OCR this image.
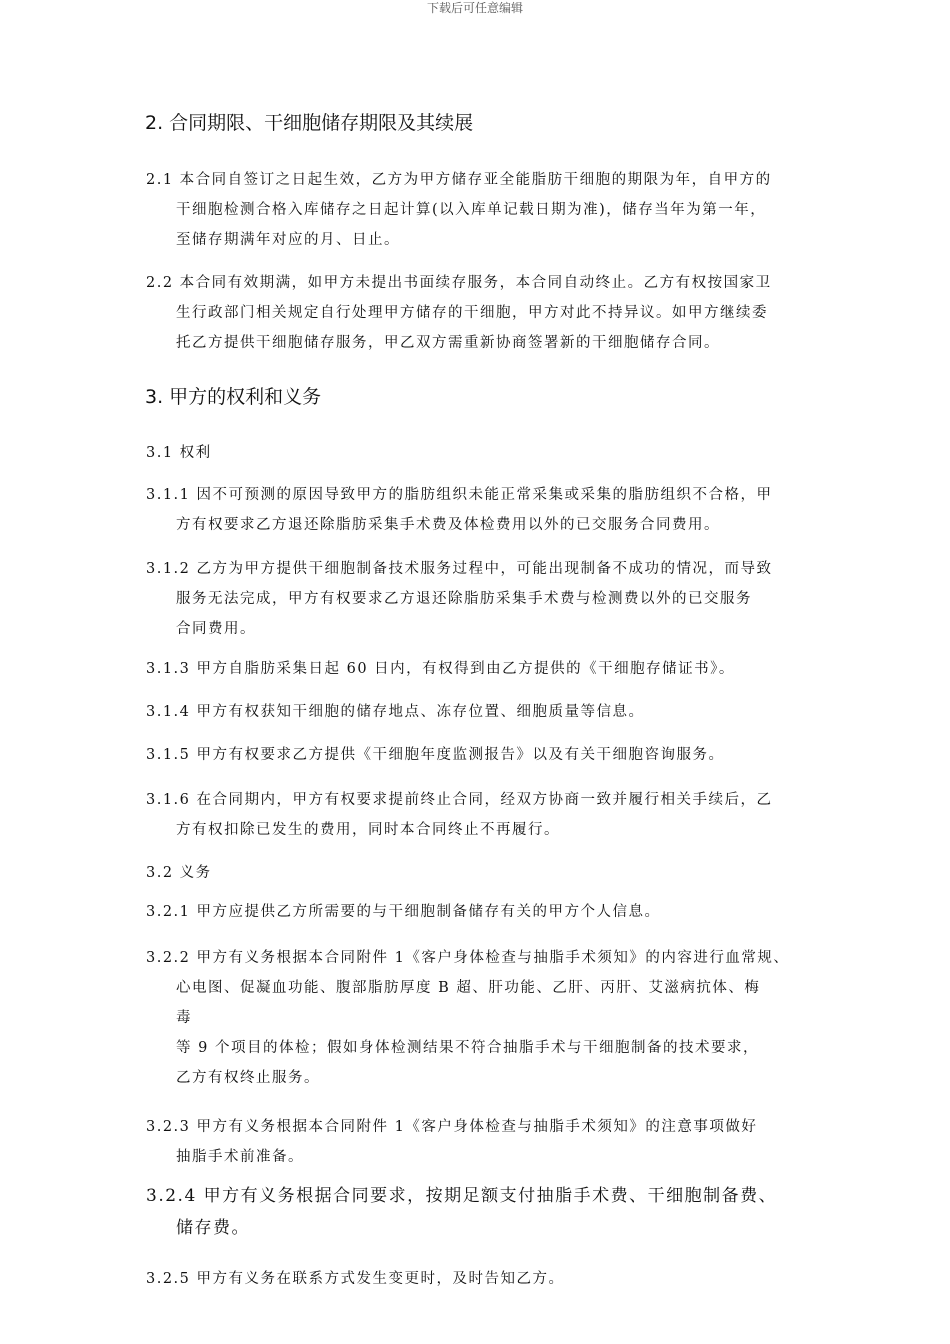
下载后可任意编辑
2. 合同期限、干细胞储存期限及其续展
2.1 本合同自签订之日起生效，乙方为甲方储存亚全能脂肪干细胞的期限为年，自甲方的
干细胞检测合格入库储存之日起计算(以入库单记载日期为准)，储存当年为第一年，
至储存期满年对应的月、日止。
2.2 本合同有效期满，如甲方未提出书面续存服务，本合同自动终止。乙方有权按国家卫
生行政部门相关规定自行处理甲方储存的干细胞，甲方对此不持异议。如甲方继续委
托乙方提供干细胞储存服务，甲乙双方需重新协商签署新的干细胞储存合同。
3. 甲方的权利和义务
3.1 权利
3.1.1 因不可预测的原因导致甲方的脂肪组织未能正常采集或采集的脂肪组织不合格，甲
方有权要求乙方退还除脂肪采集手术费及体检费用以外的已交服务合同费用。
3.1.2 乙方为甲方提供干细胞制备技术服务过程中，可能出现制备不成功的情况，而导致
服务无法完成，甲方有权要求乙方退还除脂肪采集手术费与检测费以外的已交服务
合同费用。
3.1.3 甲方自脂肪采集日起 60 日内，有权得到由乙方提供的《干细胞存储证书》。
3.1.4 甲方有权获知干细胞的储存地点、冻存位置、细胞质量等信息。
3.1.5 甲方有权要求乙方提供《干细胞年度监测报告》以及有关干细胞咨询服务。
3.1.6 在合同期内，甲方有权要求提前终止合同，经双方协商一致并履行相关手续后，乙
方有权扣除已发生的费用，同时本合同终止不再履行。
3.2 义务
3.2.1 甲方应提供乙方所需要的与干细胞制备储存有关的甲方个人信息。
3.2.2 甲方有义务根据本合同附件 1《客户身体检查与抽脂手术须知》的内容进行血常规、
心电图、促凝血功能、腹部脂肪厚度 B 超、肝功能、乙肝、丙肝、艾滋病抗体、梅
毒
等 9 个项目的体检；假如身体检测结果不符合抽脂手术与干细胞制备的技术要求，
乙方有权终止服务。
3.2.3 甲方有义务根据本合同附件 1《客户身体检查与抽脂手术须知》的注意事项做好
抽脂手术前准备。
3.2.4 甲方有义务根据合同要求，按期足额支付抽脂手术费、干细胞制备费、
储存费。
3.2.5 甲方有义务在联系方式发生变更时，及时告知乙方。
